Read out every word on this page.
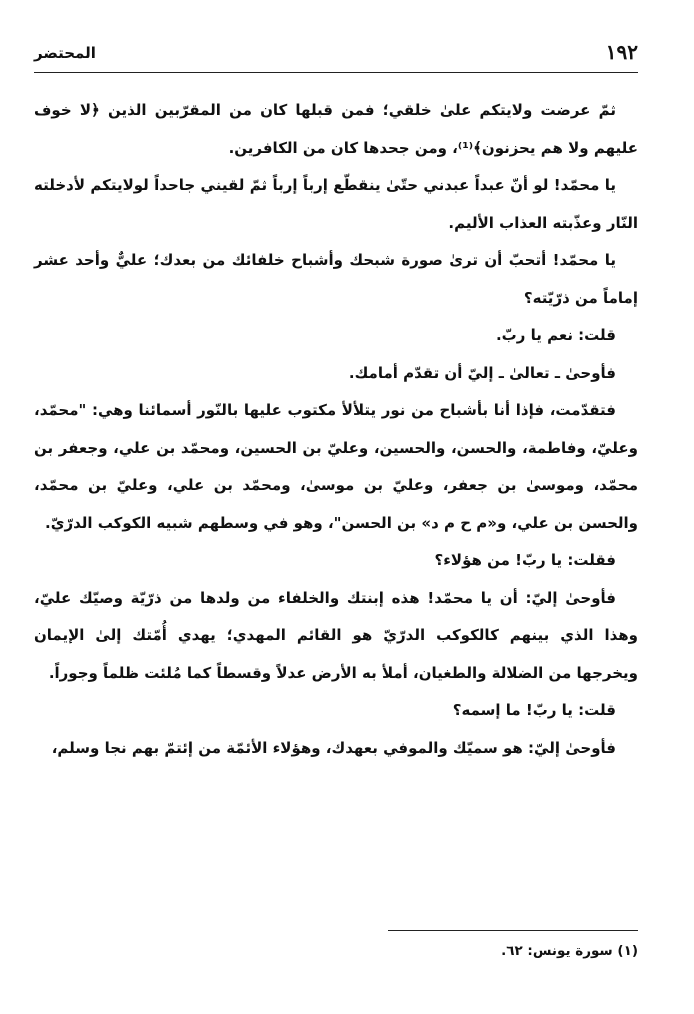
١٩٢
المحتضر

ثمّ عرضت ولايتكم علىٰ خلقي؛ فمن قبلها كان من المقرّبين الذين ﴿لا خوف عليهم ولا هم يحزنون﴾⁽¹⁾، ومن جحدها كان من الكافرين.

يا محمّد! لو أنّ عبداً عبدني حتّىٰ ينقطّع إرباً إرباً ثمّ لقيني جاحداً لولايتكم لأدخلته النّار وعذّبته العذاب الأليم.

يا محمّد! أتحبّ أن ترىٰ صورة شبحك وأشباح خلفائك من بعدك؛ عليٌّ وأحد عشر إماماً من ذرّيّته؟

قلت: نعم يا ربّ.

فأوحىٰ ـ تعالىٰ ـ إليّ أن تقدّم أمامك.

فتقدّمت، فإذا أنا بأشباح من نور يتلألأ مكتوب عليها بالنّور أسمائنا وهي: "محمّد، وعليّ، وفاطمة، والحسن، والحسين، وعليّ بن الحسين، ومحمّد بن علي، وجعفر بن محمّد، وموسىٰ بن جعفر، وعليّ بن موسىٰ، ومحمّد بن علي، وعليّ بن محمّد، والحسن بن علي، و«م ح م د» بن الحسن"، وهو في وسطهم شبيه الكوكب الدرّيّ.

فقلت: يا ربّ! من هؤلاء؟

فأوحىٰ إليّ: أن يا محمّد! هذه إبنتك والخلفاء من ولدها من ذرّيّة وصيّك عليّ، وهذا الذي بينهم كالكوكب الدرّيّ هو القائم المهدي؛ يهدي أُمّتك إلىٰ الإيمان ويخرجها من الضلالة والطغيان، أملأ به الأرض عدلاً وقسطاً كما مُلئت ظلماً وجوراً.

قلت: يا ربّ! ما إسمه؟

فأوحىٰ إليّ: هو سميّك والموفي بعهدك، وهؤلاء الأئمّة من إئتمّ بهم نجا وسلم،

(١) سورة يونس: ٦٢.
